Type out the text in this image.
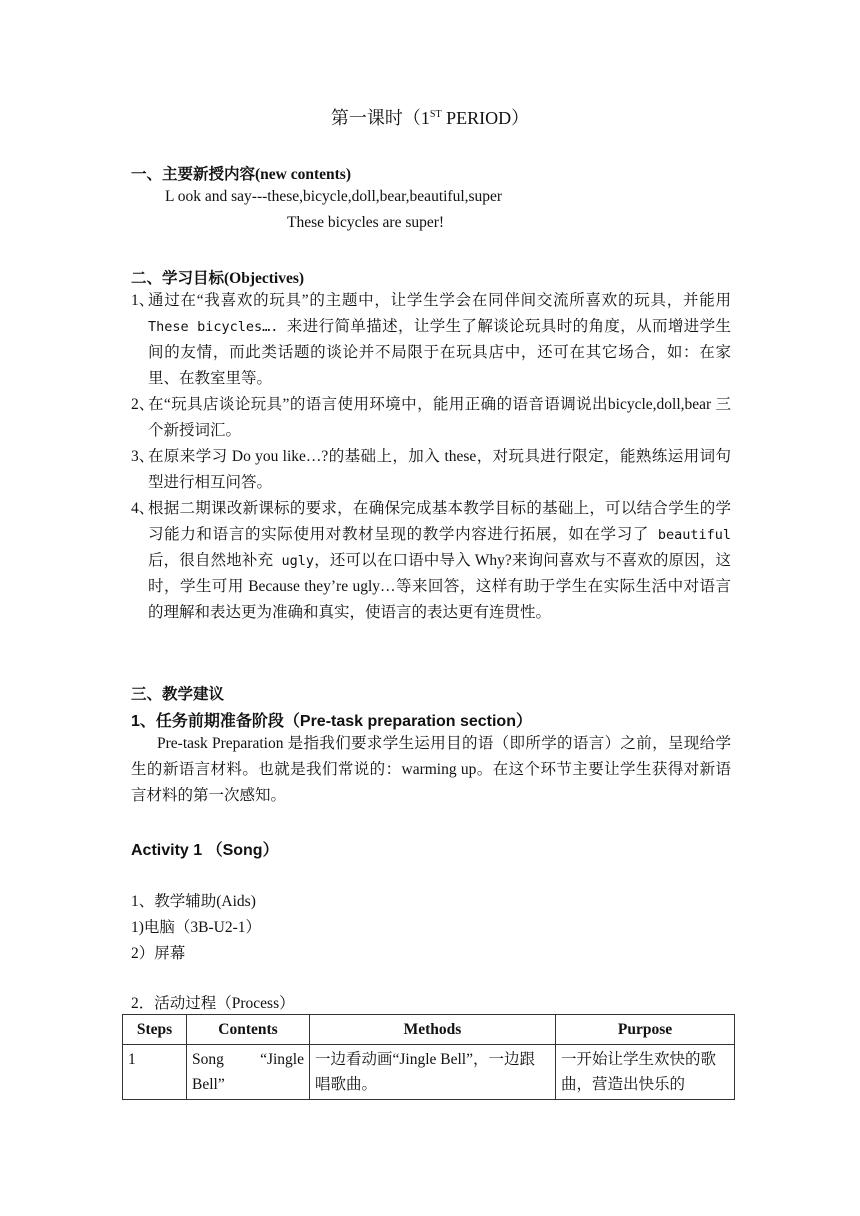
第一课时（1ST PERIOD）
一、主要新授内容(new contents)
L ook and say---these,bicycle,doll,bear,beautiful,super
These bicycles are super!
二、学习目标(Objectives)
1、
通过在“我喜欢的玩具”的主题中，让学生学会在同伴间交流所喜欢的玩具，并能用 These bicycles…. 来进行简单描述，让学生了解谈论玩具时的角度，从而增进学生间的友情，而此类话题的谈论并不局限于在玩具店中，还可在其它场合，如：在家里、在教室里等。
2、
在“玩具店谈论玩具”的语言使用环境中，能用正确的语音语调说出bicycle,doll,bear 三个新授词汇。
3、
在原来学习 Do you like…?的基础上，加入 these，对玩具进行限定，能熟练运用词句型进行相互问答。
4、
根据二期课改新课标的要求，在确保完成基本教学目标的基础上，可以结合学生的学习能力和语言的实际使用对教材呈现的教学内容进行拓展，如在学习了 beautiful 后，很自然地补充 ugly，还可以在口语中导入 Why?来询问喜欢与不喜欢的原因，这时，学生可用 Because they’re ugly…等来回答，这样有助于学生在实际生活中对语言的理解和表达更为准确和真实，使语言的表达更有连贯性。
三、教学建议
1、任务前期准备阶段（Pre-task preparation section）
Pre-task Preparation 是指我们要求学生运用目的语（即所学的语言）之前，呈现给学生的新语言材料。也就是我们常说的：warming up。在这个环节主要让学生获得对新语言材料的第一次感知。
Activity 1 （Song）
1、教学辅助(Aids)
1)电脑（3B-U2-1）
2）屏幕
2．活动过程（Process）
Steps	Contents	Methods	Purpose
1	Song “Jingle Bell”	一边看动画“Jingle Bell”，一边跟唱歌曲。	一开始让学生欢快的歌曲，营造出快乐的
